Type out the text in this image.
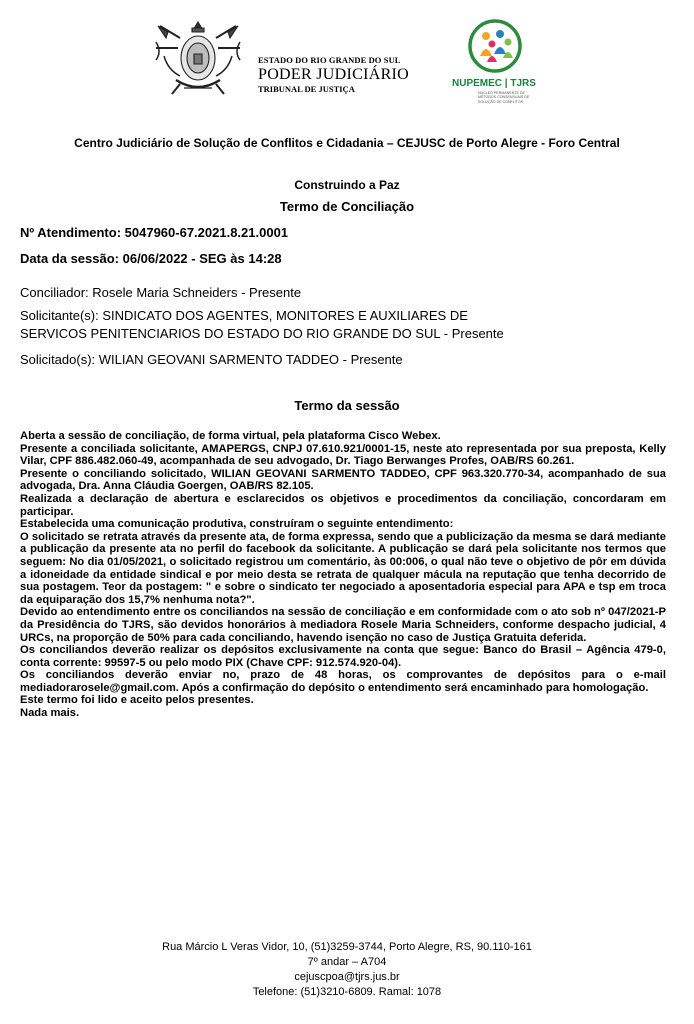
ESTADO DO RIO GRANDE DO SUL
PODER JUDICIÁRIO
TRIBUNAL DE JUSTIÇA	NUPEMEC | TJRS
NÚCLEO PERMANENTE DE MÉTODOS CONSENSUAIS DE SOLUÇÃO DE CONFLITOS
Centro Judiciário de Solução de Conflitos e Cidadania – CEJUSC de Porto Alegre - Foro Central
Construindo a Paz
Termo de Conciliação
Nº Atendimento: 5047960-67.2021.8.21.0001
Data da sessão: 06/06/2022 - SEG às 14:28
Conciliador: Rosele Maria Schneiders - Presente
Solicitante(s): SINDICATO DOS AGENTES, MONITORES E AUXILIARES DE
SERVICOS PENITENCIARIOS DO ESTADO DO RIO GRANDE DO SUL - Presente
Solicitado(s): WILIAN GEOVANI SARMENTO TADDEO - Presente
Termo da sessão

Aberta a sessão de conciliação, de forma virtual, pela plataforma Cisco Webex.

Presente a conciliada solicitante, AMAPERGS, CNPJ 07.610.921/0001-15, neste ato representada por sua preposta, Kelly Vilar, CPF 886.482.060-49, acompanhada de seu advogado, Dr. Tiago Berwanges Profes, OAB/RS 60.261.

Presente o conciliando solicitado, WILIAN GEOVANI SARMENTO TADDEO, CPF 963.320.770-34, acompanhado de sua advogada, Dra. Anna Cláudia Goergen, OAB/RS 82.105.

Realizada a declaração de abertura e esclarecidos os objetivos e procedimentos da conciliação, concordaram em participar.

Estabelecida uma comunicação produtiva, construíram o seguinte entendimento:

O solicitado se retrata através da presente ata, de forma expressa, sendo que a publicização da mesma se dará mediante a publicação da presente ata no perfil do facebook da solicitante. A publicação se dará pela solicitante nos termos que seguem: No dia 01/05/2021, o solicitado registrou um comentário, às 00:006, o qual não teve o objetivo de pôr em dúvida a idoneidade da entidade sindical e por meio desta se retrata de qualquer mácula na reputação que tenha decorrido de sua postagem. Teor da postagem: " e sobre o sindicato ter negociado a aposentadoria especial para APA e tsp em troca da equiparação dos 15,7% nenhuma nota?".

Devido ao entendimento entre os conciliandos na sessão de conciliação e em conformidade com o ato sob nº 047/2021-P da Presidência do TJRS, são devidos honorários à mediadora Rosele Maria Schneiders, conforme despacho judicial, 4 URCs, na proporção de 50% para cada conciliando, havendo isenção no caso de Justiça Gratuita deferida.

Os conciliandos deverão realizar os depósitos exclusivamente na conta que segue: Banco do Brasil – Agência 479-0, conta corrente: 99597-5 ou pelo modo PIX (Chave CPF: 912.574.920-04).

Os conciliandos deverão enviar no, prazo de 48 horas, os comprovantes de depósitos para o e-mail mediadorarosele@gmail.com. Após a confirmação do depósito o entendimento será encaminhado para homologação.

Este termo foi lido e aceito pelos presentes.

Nada mais.

Rua Márcio L Veras Vidor, 10, (51)3259-3744, Porto Alegre, RS, 90.110-161
7º andar – A704
cejuscpoa@tjrs.jus.br
Telefone: (51)3210-6809. Ramal: 1078
